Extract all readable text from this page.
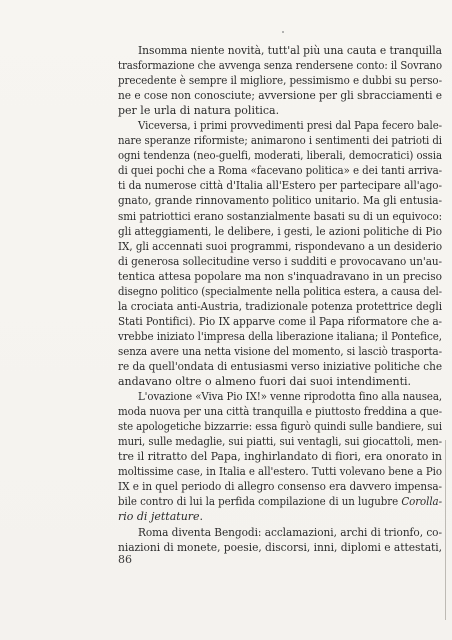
Insomma niente novità, tutt'al più una cauta e tranquilla
trasformazione che avvenga senza rendersene conto: il Sovrano
precedente è sempre il migliore, pessimismo e dubbi su perso-
ne e cose non conosciute; avversione per gli sbracciamenti e
per le urla di natura politica.
Viceversa, i primi provvedimenti presi dal Papa fecero bale-
nare speranze riformiste; animarono i sentimenti dei patrioti di
ogni tendenza (neo-guelfi, moderati, liberali, democratici) ossia
di quei pochi che a Roma «facevano politica» e dei tanti arriva-
ti da numerose città d'Italia all'Estero per partecipare all'ago-
gnato, grande rinnovamento politico unitario. Ma gli entusia-
smi patriottici erano sostanzialmente basati su di un equivoco:
gli atteggiamenti, le delibere, i gesti, le azioni politiche di Pio
IX, gli accennati suoi programmi, rispondevano a un desiderio
di generosa sollecitudine verso i sudditi e provocavano un'au-
tentica attesa popolare ma non s'inquadravano in un preciso
disegno politico (specialmente nella politica estera, a causa del-
la crociata anti-Austria, tradizionale potenza protettrice degli
Stati Pontifici). Pio IX apparve come il Papa riformatore che a-
vrebbe iniziato l'impresa della liberazione italiana; il Pontefice,
senza avere una netta visione del momento, si lasciò trasporta-
re da quell'ondata di entusiasmi verso iniziative politiche che
andavano oltre o almeno fuori dai suoi intendimenti.
L'ovazione «Viva Pio IX!» venne riprodotta fino alla nausea,
moda nuova per una città tranquilla e piuttosto freddina a que-
ste apologetiche bizzarrie: essa figurò quindi sulle bandiere, sui
muri, sulle medaglie, sui piatti, sui ventagli, sui giocattoli, men-
tre il ritratto del Papa, inghirlandato di fiori, era onorato in
moltissime case, in Italia e all'estero. Tutti volevano bene a Pio
IX e in quel periodo di allegro consenso era davvero impensa-
bile contro di lui la perfida compilazione di un lugubre Corolla-
rio di jettature.
Roma diventa Bengodi: acclamazioni, archi di trionfo, co-
niazioni di monete, poesie, discorsi, inni, diplomi e attestati,
86
